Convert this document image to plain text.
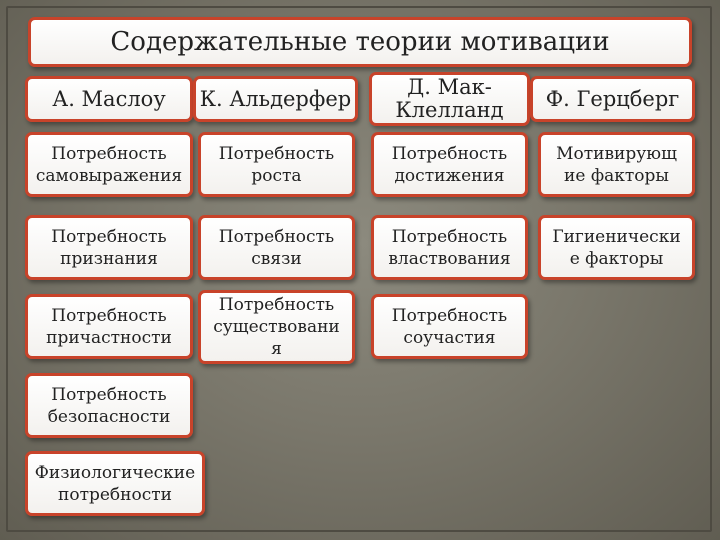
Содержательные теории мотивации
А. Маслоу К. Альдерфер	Д. Мак-
Клелланд Ф. Герцберг
Потребность
самовыражения
Потребность
признания
Потребность
причастности
Потребность
безопасности
Физиологические
потребности
Потребность
роста
Потребность
связи
Потребность
существовани
я
Потребность
достижения
Потребность
властвования
Потребность
соучастия
Мотивирующ
ие факторы
Гигиенически
е факторы
